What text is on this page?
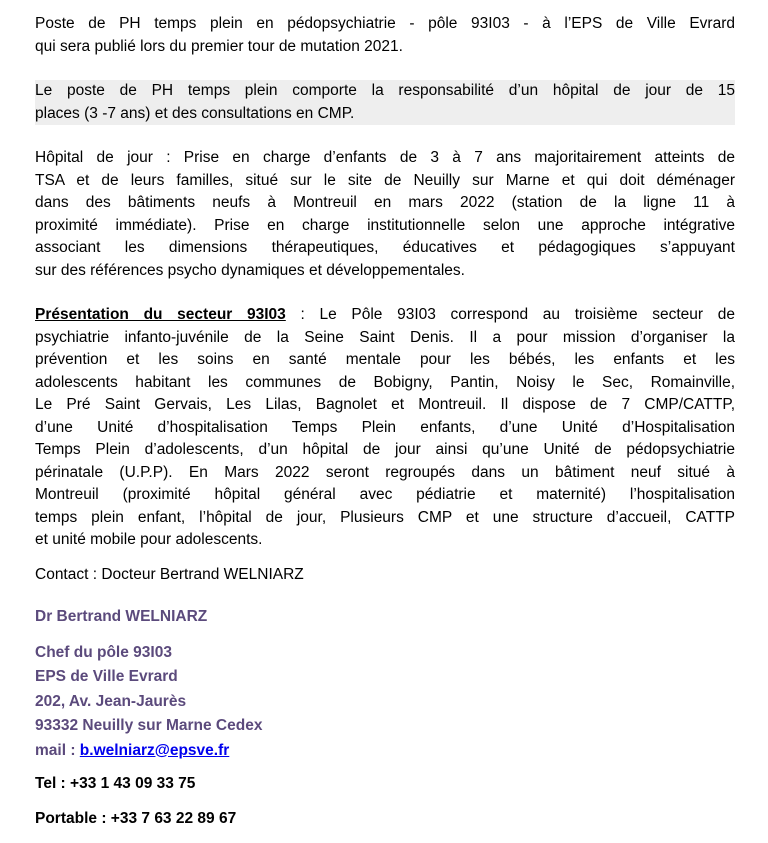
Poste de PH temps plein en pédopsychiatrie - pôle 93I03 - à l’EPS de Ville Evrard
qui sera publié lors du premier tour de mutation 2021.
Le poste de PH temps plein comporte la responsabilité d’un hôpital de jour de 15
places (3 -7 ans) et des consultations en CMP.
Hôpital de jour : Prise en charge d’enfants de 3 à 7 ans majoritairement atteints de
TSA et de leurs familles, situé sur le site de Neuilly sur Marne et qui doit déménager
dans des bâtiments neufs à Montreuil en mars 2022 (station de la ligne 11 à
proximité immédiate). Prise en charge institutionnelle selon une approche intégrative
associant les dimensions thérapeutiques, éducatives et pédagogiques s’appuyant
sur des références psycho dynamiques et développementales.
Présentation du secteur 93I03 : Le Pôle 93I03 correspond au troisième secteur de
psychiatrie infanto-juvénile de la Seine Saint Denis. Il a pour mission d’organiser la
prévention et les soins en santé mentale pour les bébés, les enfants et les
adolescents habitant les communes de Bobigny, Pantin, Noisy le Sec, Romainville,
Le Pré Saint Gervais, Les Lilas, Bagnolet et Montreuil. Il dispose de 7 CMP/CATTP,
d’une Unité d’hospitalisation Temps Plein enfants, d’une Unité d’Hospitalisation
Temps Plein d’adolescents, d’un hôpital de jour ainsi qu’une Unité de pédopsychiatrie
périnatale (U.P.P). En Mars 2022 seront regroupés dans un bâtiment neuf situé à
Montreuil (proximité hôpital général avec pédiatrie et maternité) l’hospitalisation
temps plein enfant, l’hôpital de jour, Plusieurs CMP et une structure d’accueil, CATTP
et unité mobile pour adolescents.
Contact : Docteur Bertrand WELNIARZ
Dr Bertrand WELNIARZ
Chef du pôle 93I03
EPS de Ville Evrard
202, Av. Jean-Jaurès
93332 Neuilly sur Marne Cedex
mail : b.welniarz@epsve.fr
Tel : +33 1 43 09 33 75
Portable : +33 7 63 22 89 67
